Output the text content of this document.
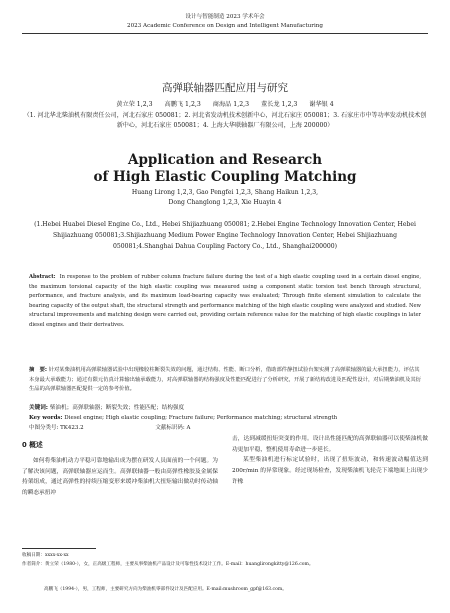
设计与智能制造 2023 学术年会
2023 Academic Conference on Design and Intelligent Manufacturing
高弹联轴器匹配应用与研究
黄立荣 1,2,3 高鹏飞 1,2,3 商海品 1,2,3 董长龙 1,2,3 谢华银 4
（1. 河北华北柴油机有限责任公司，河北石家庄 050081；2. 河北省发动机技术创新中心，河北石家庄 050081；3. 石家庄市中等功率发动机技术创新中心，河北石家庄 050081；4. 上海大华联轴器厂有限公司，上海 200000）
Application and Research
of High Elastic Coupling Matching
Huang Lirong 1,2,3, Gao Pengfei 1,2,3, Shang Haikun 1,2,3,
Dong Changlong 1,2,3, Xie Huayin 4
(1.Hebei Huabei Diesel Engine Co., Ltd., Hebei Shijiazhuang 050081; 2.Hebei Engine Technology Innovation Center, Hebei Shijiazhuang 050081;3.Shijiazhuang Medium Power Engine Technology Innovation Center, Hebei Shijiazhuang 050081;4.Shanghai Dahua Coupling Factory Co., Ltd., Shanghai200000)
Abstract: In response to the problem of rubber column fracture failure during the test of a high elastic coupling used in a certain diesel engine, the maximum torsional capacity of the high elastic coupling was measured using a component static torsion test bench through structural, performance, and fracture analysis, and its maximum load-bearing capacity was evaluated; Through finite element simulation to calculate the bearing capacity of the output shaft, the structural strength and performance matching of the high elastic coupling were analyzed and studied. New structural improvements and matching design were carried out, providing certain reference value for the matching of high elastic couplings in later diesel engines and their derivatives.
摘　要: 针对某柴油机用高弹联轴器试验中出现橡胶柱断裂失效的问题，通过结构、性能、断口分析，借助部件静扭试验台架实测了高弹联轴器的最大承扭能力，评估其本身最大承载能力；通过有限元仿真计算输出轴承载能力，对高弹联轴器的结构强度及性能匹配进行了分析研究，开展了新结构改进及匹配性设计，对后期柴油机及其衍生品的高弹联轴器匹配提供一定的参考价值。
关键词: 柴油机；高弹联轴器；断裂失效；性能匹配；结构强度
Key words: Diesel engine; High elastic coupling; Fracture failure; Performance matching; structural strength
中图分类号: TK423.2	文献标识码: A
0 概述

如何将柴油机动力平稳可靠地输出成为摆在研发人员面前的一个问题。为了解决该问题，高弹联轴器应运而生。高弹联轴器一般由高弹性橡胶及金属保持架组成，通过高弹性的持续压缩变形来缓冲柴油机大扭矩输出做功时传动轴的瞬态承扭冲

击，达到减缓扭矩突变的作用。设计出性能匹配的高弹联轴器可以使柴油机做功更加平稳，整机使用寿命进一步延长。

某型柴油机进行标定试验时，出现了扭矩波动，和转速波动幅值达到 200r/min 的异常现象。经过现场检查，发现柴油机飞轮壳下端地面上出现少许橡

收稿日期：xxxx-xx-xx
作者简介：黄立荣（1980-），女，正高级工程师，主要从事柴油机产品设计及可靠性技术设计工作。E-mail：huanglirongkitty@126.com。
高鹏飞（1994-），男，工程师，主要研究方向为柴油机零部件设计及匹配应用。E-mail:mushroom_gpf@163.com。
